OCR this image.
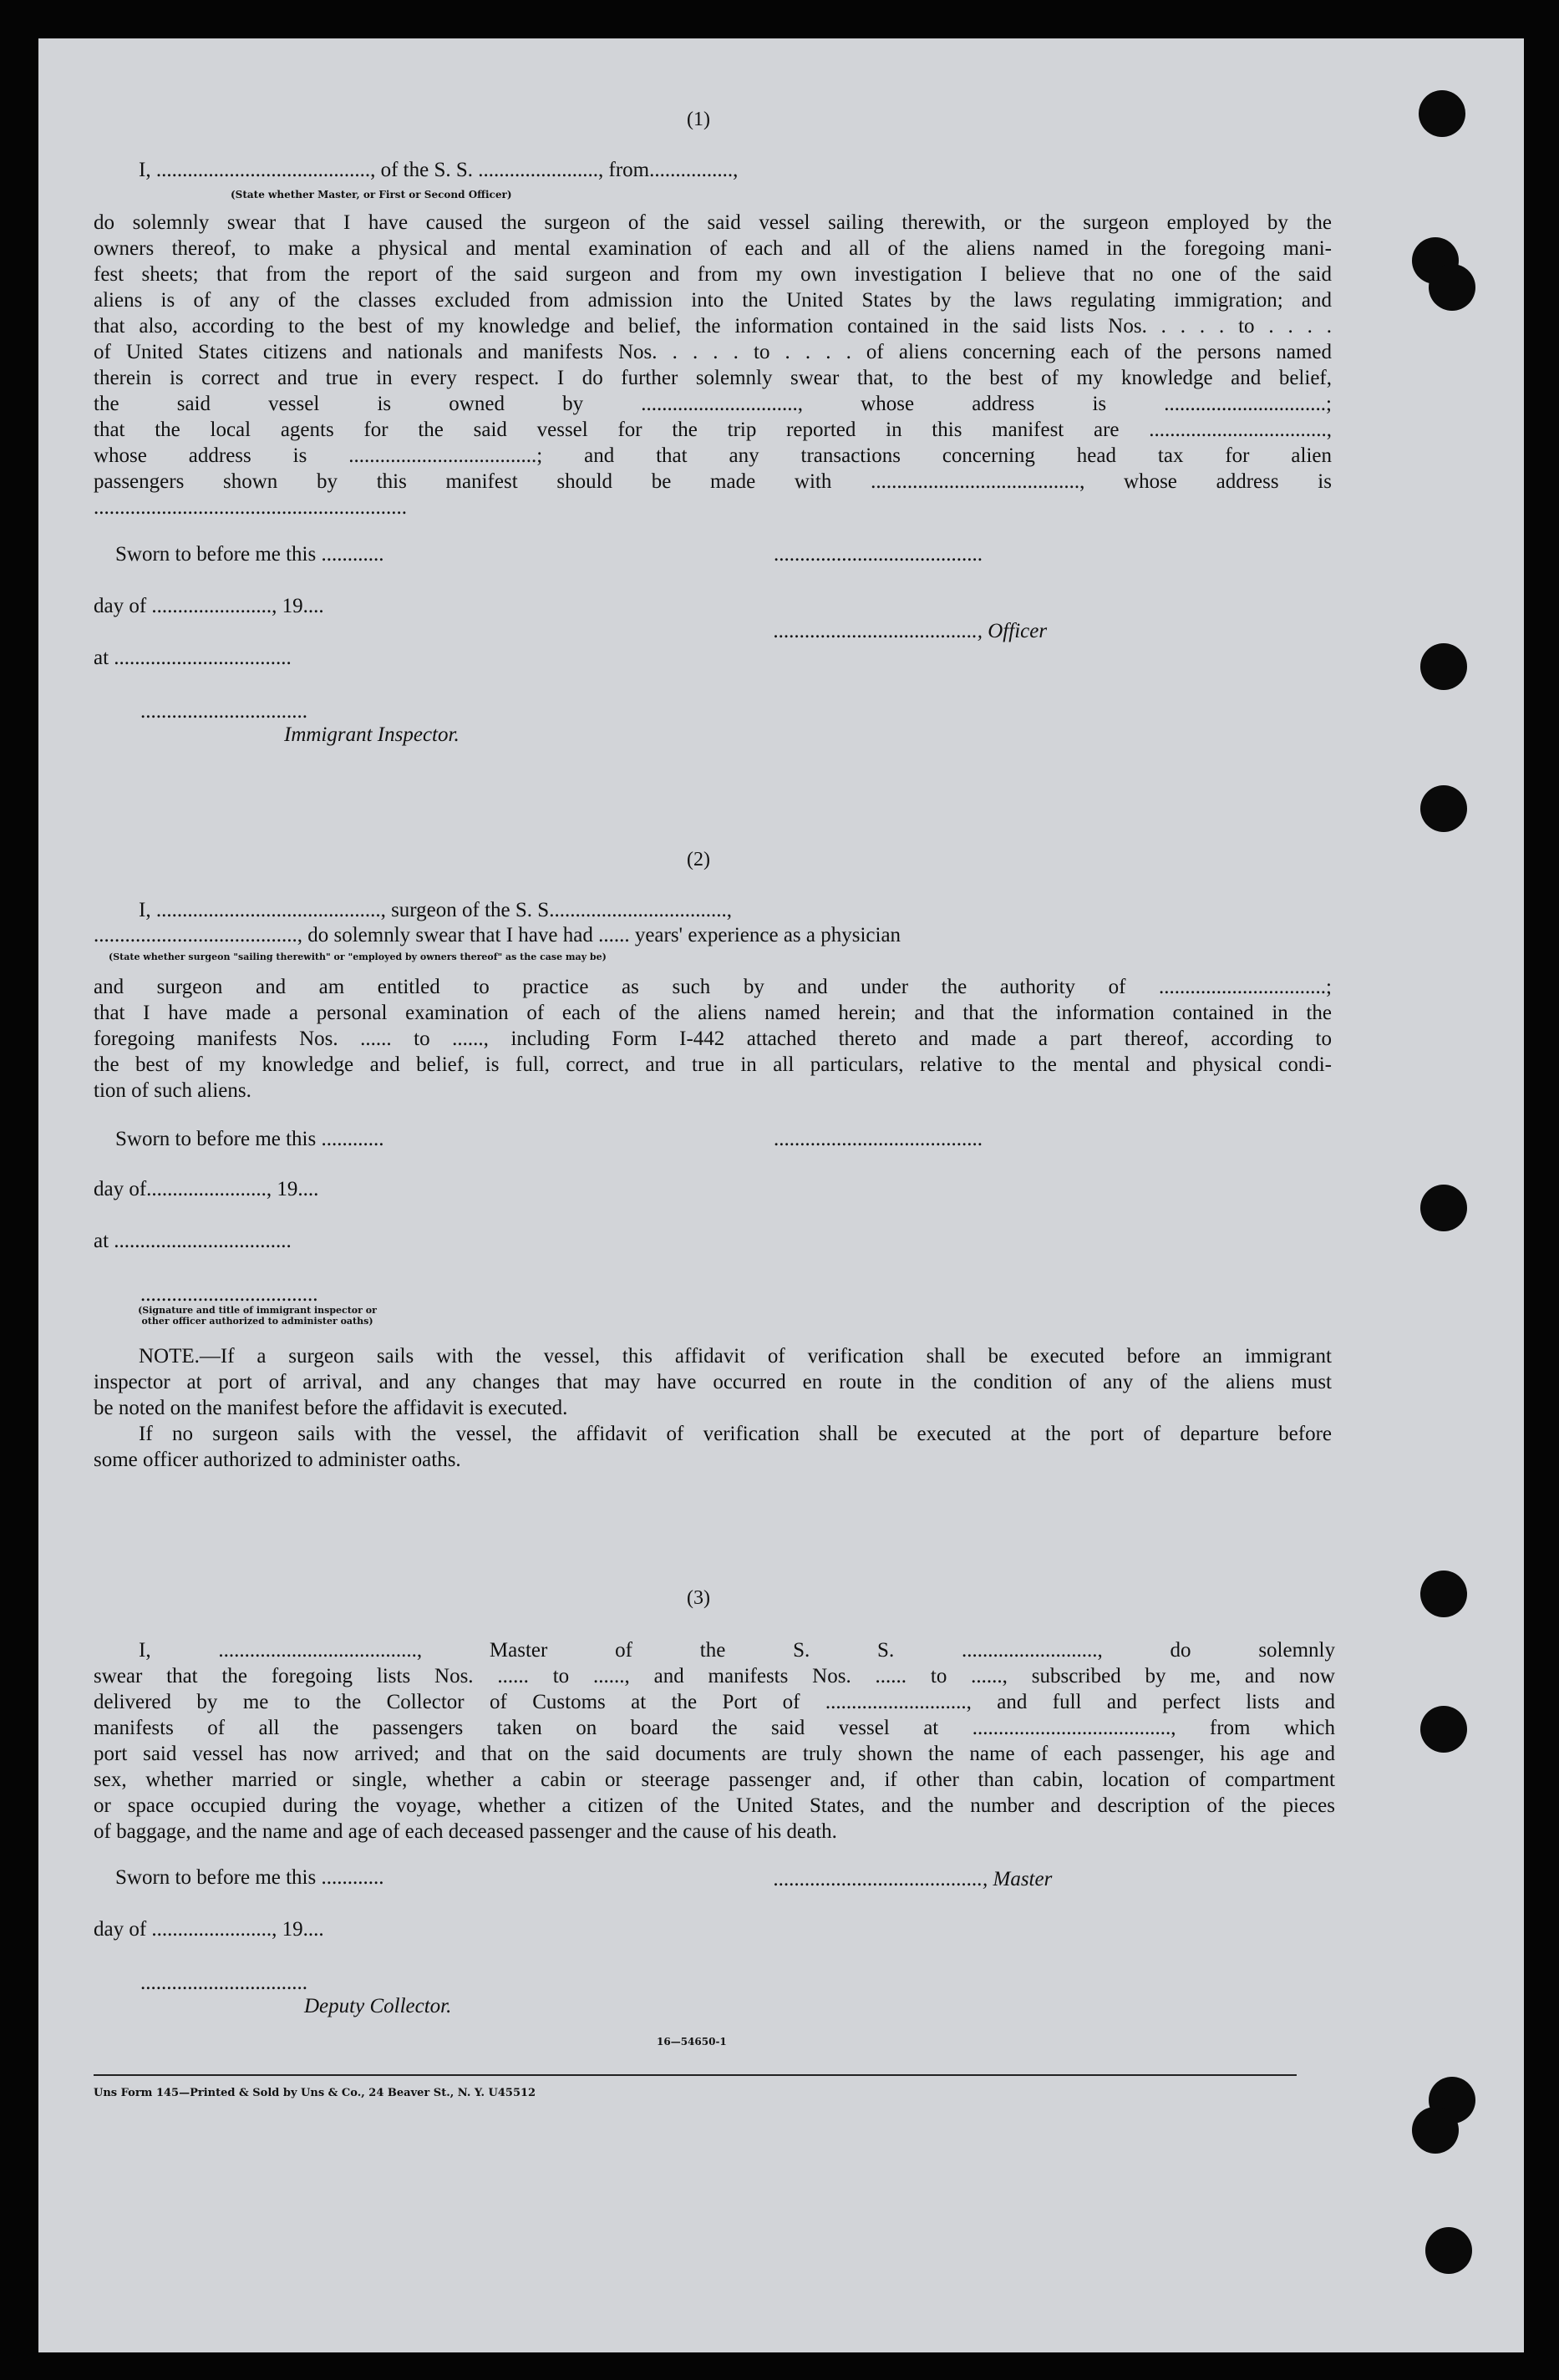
(1)
I, ........................................., of the S. S. ......................., from................,
(State whether Master, or First or Second Officer)

do solemnly swear that I have caused the surgeon of the said vessel sailing therewith, or the surgeon employed by the
owners thereof, to make a physical and mental examination of each and all of the aliens named in the foregoing mani-
fest sheets; that from the report of the said surgeon and from my own investigation I believe that no one of the said
aliens is of any of the classes excluded from admission into the United States by the laws regulating immigration; and
that also, according to the best of my knowledge and belief, the information contained in the said lists Nos. . . . . to . . . .
of United States citizens and nationals and manifests Nos. . . . . to . . . . of aliens concerning each of the persons named
therein is correct and true in every respect. I do further solemnly swear that, to the best of my knowledge and belief,
the said vessel is owned by .............................., whose address is ...............................;
that the local agents for the said vessel for the trip reported in this manifest are ..................................,
whose address is ....................................; and that any transactions concerning head tax for alien
passengers shown by this manifest should be made with ........................................, whose address is
............................................................

Sworn to before me this ............	........................................
day of ......................., 19....
......................................., Officer
at ..................................
................................
Immigrant Inspector.
(2)
I, ..........................................., surgeon of the S. S..................................,
......................................., do solemnly swear that I have had ...... years' experience as a physician
(State whether surgeon "sailing therewith" or "employed by owners thereof" as the case may be)

and surgeon and am entitled to practice as such by and under the authority of ................................;
that I have made a personal examination of each of the aliens named herein; and that the information contained in the
foregoing manifests Nos. ...... to ......, including Form I-442 attached thereto and made a part thereof, according to
the best of my knowledge and belief, is full, correct, and true in all particulars, relative to the mental and physical condi-
tion of such aliens.

Sworn to before me this ............	........................................
day of......................., 19....
at ..................................
..................................
(Signature and title of immigrant inspector or other officer authorized to administer oaths)

NOTE.—If a surgeon sails with the vessel, this affidavit of verification shall be executed before an immigrant
inspector at port of arrival, and any changes that may have occurred en route in the condition of any of the aliens must
be noted on the manifest before the affidavit is executed.

If no surgeon sails with the vessel, the affidavit of verification shall be executed at the port of departure before
some officer authorized to administer oaths.

(3)

I, ......................................, Master of the S. S. .........................., do solemnly
swear that the foregoing lists Nos. ...... to ......, and manifests Nos. ...... to ......, subscribed by me, and now
delivered by me to the Collector of Customs at the Port of ..........................., and full and perfect lists and
manifests of all the passengers taken on board the said vessel at ......................................, from which
port said vessel has now arrived; and that on the said documents are truly shown the name of each passenger, his age and
sex, whether married or single, whether a cabin or steerage passenger and, if other than cabin, location of compartment
or space occupied during the voyage, whether a citizen of the United States, and the number and description of the pieces
of baggage, and the name and age of each deceased passenger and the cause of his death.

Sworn to before me this ............	........................................, Master
day of ......................., 19....
................................
Deputy Collector.
16—54650-1
Uns Form 145—Printed & Sold by Uns & Co., 24 Beaver St., N. Y. U45512
